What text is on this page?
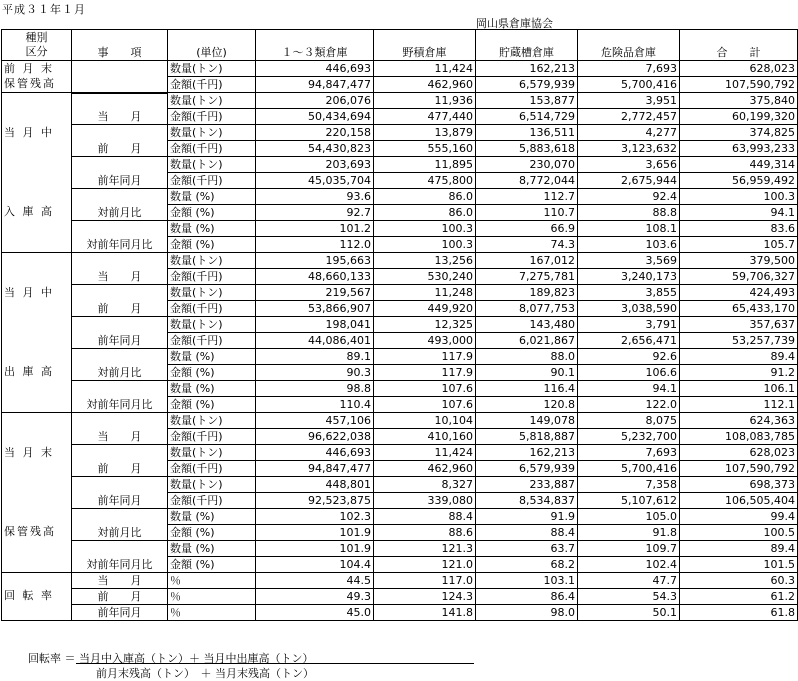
平成３１年１月
岡山県倉庫協会
種別
区分	事　　項	(単位)	１～３類倉庫	野積倉庫	貯蔵槽倉庫	危険品倉庫	合　　計

前 月 末
保管残高		数量(トン)	446,693	11,424	162,213	7,693	628,023
		金額(千円)	94,847,477	462,960	6,579,939	5,700,416	107,590,792

当 月 中
入 庫 高	当　　月	数量(トン)	206,076	11,936	153,877	3,951	375,840
		金額(千円)	50,434,694	477,440	6,514,729	2,772,457	60,199,320
	前　　月	数量(トン)	220,158	13,879	136,511	4,277	374,825
		金額(千円)	54,430,823	555,160	5,883,618	3,123,632	63,993,233
	前年同月	数量(トン)	203,693	11,895	230,070	3,656	449,314
		金額(千円)	45,035,704	475,800	8,772,044	2,675,944	56,959,492
	対前月比	数量 (%)	93.6	86.0	112.7	92.4	100.3
		金額 (%)	92.7	86.0	110.7	88.8	94.1
	対前年同月比	数量 (%)	101.2	100.3	66.9	108.1	83.6
		金額 (%)	112.0	100.3	74.3	103.6	105.7

当 月 中
出 庫 高	当　　月	数量(トン)	195,663	13,256	167,012	3,569	379,500
		金額(千円)	48,660,133	530,240	7,275,781	3,240,173	59,706,327
	前　　月	数量(トン)	219,567	11,248	189,823	3,855	424,493
		金額(千円)	53,866,907	449,920	8,077,753	3,038,590	65,433,170
	前年同月	数量(トン)	198,041	12,325	143,480	3,791	357,637
		金額(千円)	44,086,401	493,000	6,021,867	2,656,471	53,257,739
	対前月比	数量 (%)	89.1	117.9	88.0	92.6	89.4
		金額 (%)	90.3	117.9	90.1	106.6	91.2
	対前年同月比	数量 (%)	98.8	107.6	116.4	94.1	106.1
		金額 (%)	110.4	107.6	120.8	122.0	112.1

当 月 末
保管残高	当　　月	数量(トン)	457,106	10,104	149,078	8,075	624,363
		金額(千円)	96,622,038	410,160	5,818,887	5,232,700	108,083,785
	前　　月	数量(トン)	446,693	11,424	162,213	7,693	628,023
		金額(千円)	94,847,477	462,960	6,579,939	5,700,416	107,590,792
	前年同月	数量(トン)	448,801	8,327	233,887	7,358	698,373
		金額(千円)	92,523,875	339,080	8,534,837	5,107,612	106,505,404
	対前月比	数量 (%)	102.3	88.4	91.9	105.0	99.4
		金額 (%)	101.9	88.6	88.4	91.8	100.5
	対前年同月比	数量 (%)	101.9	121.3	63.7	109.7	89.4
		金額 (%)	104.4	121.0	68.2	102.4	101.5

回 転 率	当　　月	％	44.5	117.0	103.1	47.7	60.3
	前　　月	％	49.3	124.3	86.4	54.3	61.2
	前年同月	％	45.0	141.8	98.0	50.1	61.8
回転率 ＝ 当月中入庫高（トン）＋ 当月中出庫高（トン）
前月末残高（トン）　＋ 当月末残高（トン）
